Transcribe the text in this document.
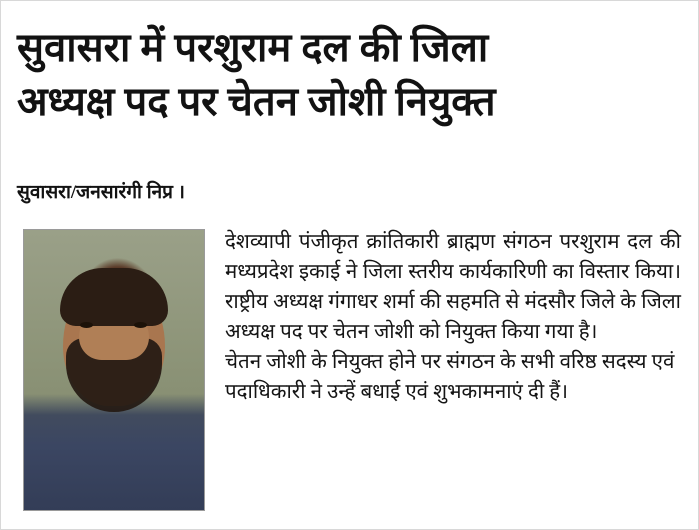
सुवासरा में परशुराम दल की जिला
अध्यक्ष पद पर चेतन जोशी नियुक्त
सुवासरा/जनसारंगी निप्र ।

देशव्यापी पंजीकृत क्रांतिकारी ब्राह्मण संगठन परशुराम दल की मध्यप्रदेश इकाई ने जिला स्तरीय कार्यकारिणी का विस्तार किया। राष्ट्रीय अध्यक्ष गंगाधर शर्मा की सहमति से मंदसौर जिले के जिला अध्यक्ष पद पर चेतन जोशी को नियुक्त किया गया है।

चेतन जोशी के नियुक्त होने पर संगठन के सभी वरिष्ठ सदस्य एवं पदाधिकारी ने उन्हें बधाई एवं शुभकामनाएं दी हैं।
